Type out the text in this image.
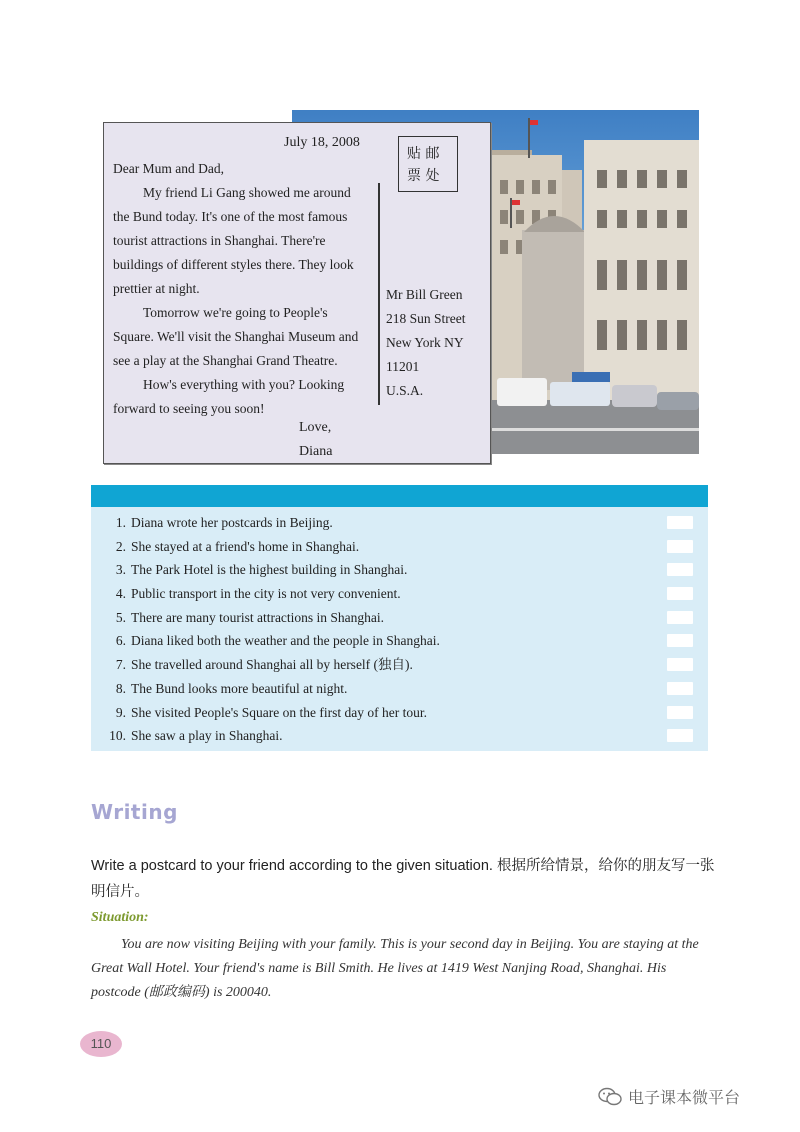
July 18, 2008
贴 邮
票 处

Dear Mum and Dad,

My friend Li Gang showed me around the Bund today. It's one of the most famous tourist attractions in Shanghai. There're buildings of different styles there. They look prettier at night.

Tomorrow we're going to People's Square. We'll visit the Shanghai Museum and see a play at the Shanghai Grand Theatre.

How's everything with you? Looking forward to seeing you soon!

Love,
Diana
Mr Bill Green
218 Sun Street
New York NY
11201
U.S.A.
1. Diana wrote her postcards in Beijing.
2. She stayed at a friend's home in Shanghai.
3. The Park Hotel is the highest building in Shanghai.
4. Public transport in the city is not very convenient.
5. There are many tourist attractions in Shanghai.
6. Diana liked both the weather and the people in Shanghai.
7. She travelled around Shanghai all by herself (独自).
8. The Bund looks more beautiful at night.
9. She visited People's Square on the first day of her tour.
10. She saw a play in Shanghai.
Writing
Write a postcard to your friend according to the given situation. 根据所给情景，给你的朋友写一张明信片。
Situation:

You are now visiting Beijing with your family. This is your second day in Beijing. You are staying at the Great Wall Hotel. Your friend's name is Bill Smith. He lives at 1419 West Nanjing Road, Shanghai. His postcode (邮政编码) is 200040.

110
电子课本微平台
